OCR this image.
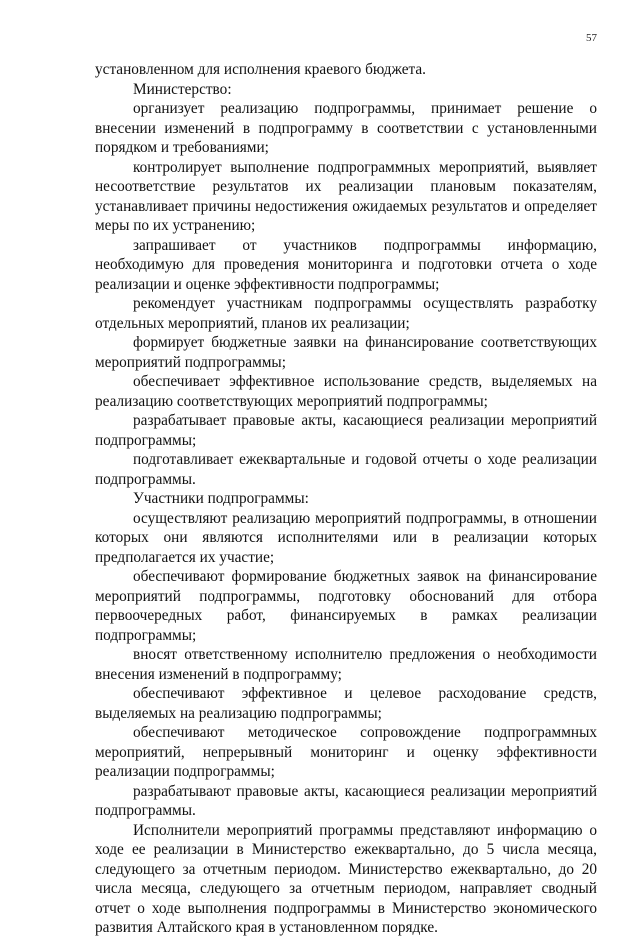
57

установленном для исполнения краевого бюджета.

Министерство:

организует реализацию подпрограммы, принимает решение о внесении изменений в подпрограмму в соответствии с установленными порядком и требованиями;

контролирует выполнение подпрограммных мероприятий, выявляет несоответствие результатов их реализации плановым показателям, устанавливает причины недостижения ожидаемых результатов и определяет меры по их устранению;

запрашивает от участников подпрограммы информацию, необходимую для проведения мониторинга и подготовки отчета о ходе реализации и оценке эффективности подпрограммы;

рекомендует участникам подпрограммы осуществлять разработку отдельных мероприятий, планов их реализации;

формирует бюджетные заявки на финансирование соответствующих мероприятий подпрограммы;

обеспечивает эффективное использование средств, выделяемых на реализацию соответствующих мероприятий подпрограммы;

разрабатывает правовые акты, касающиеся реализации мероприятий подпрограммы;

подготавливает ежеквартальные и годовой отчеты о ходе реализации подпрограммы.

Участники подпрограммы:

осуществляют реализацию мероприятий подпрограммы, в отношении которых они являются исполнителями или в реализации которых предполагается их участие;

обеспечивают формирование бюджетных заявок на финансирование мероприятий подпрограммы, подготовку обоснований для отбора первоочередных работ, финансируемых в рамках реализации подпрограммы;

вносят ответственному исполнителю предложения о необходимости внесения изменений в подпрограмму;

обеспечивают эффективное и целевое расходование средств, выделяемых на реализацию подпрограммы;

обеспечивают методическое сопровождение подпрограммных мероприятий, непрерывный мониторинг и оценку эффективности реализации подпрограммы;

разрабатывают правовые акты, касающиеся реализации мероприятий подпрограммы.

Исполнители мероприятий программы представляют информацию о ходе ее реализации в Министерство ежеквартально, до 5 числа месяца, следующего за отчетным периодом. Министерство ежеквартально, до 20 числа месяца, следующего за отчетным периодом, направляет сводный отчет о ходе выполнения подпрограммы в Министерство экономического развития Алтайского края в установленном порядке.
